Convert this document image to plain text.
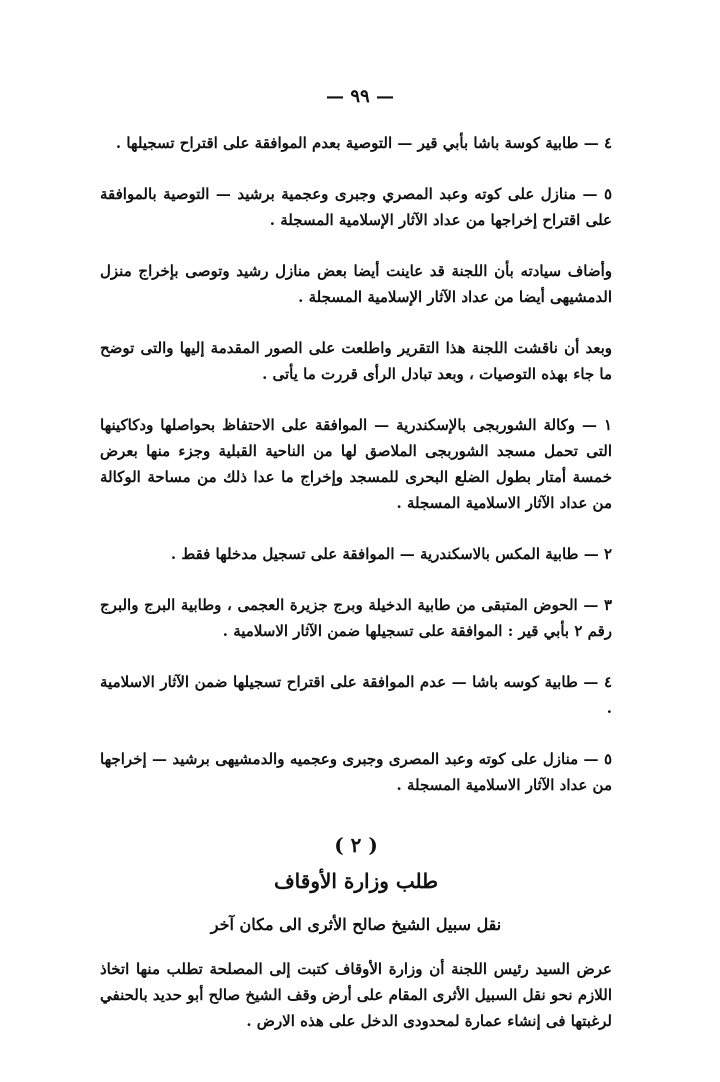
— ٩٩ —

٤ — طابية كوسة باشا بأبي قير — التوصية بعدم الموافقة على اقتراح تسجيلها .

٥ — منازل على كوته وعبد المصري وجبرى وعجمية برشيد — التوصية بالموافقة على اقتراح إخراجها من عداد الآثار الإسلامية المسجلة .

وأضاف سيادته بأن اللجنة قد عاينت أيضا بعض منازل رشيد وتوصى بإخراج منزل الدمشيهى أيضا من عداد الآثار الإسلامية المسجلة .

وبعد أن ناقشت اللجنة هذا التقرير واطلعت على الصور المقدمة إليها والتى توضح ما جاء بهذه التوصيات ، وبعد تبادل الرأى قررت ما يأتى .

١ — وكالة الشوربجى بالإسكندرية — الموافقة على الاحتفاظ بحواصلها ودكاكينها التى تحمل مسجد الشوربجى الملاصق لها من الناحية القبلية وجزء منها بعرض خمسة أمتار بطول الضلع البحرى للمسجد وإخراج ما عدا ذلك من مساحة الوكالة من عداد الآثار الاسلامية المسجلة .

٢ — طابية المكس بالاسكندرية — الموافقة على تسجيل مدخلها فقط .

٣ — الحوض المتبقى من طابية الدخيلة وبرج جزيرة العجمى ، وطابية البرج والبرج رقم ٢ بأبي قير : الموافقة على تسجيلها ضمن الآثار الاسلامية .

٤ — طابية كوسه باشا — عدم الموافقة على اقتراح تسجيلها ضمن الآثار الاسلامية .

٥ — منازل على كوته وعبد المصرى وجبرى وعجميه والدمشيهى برشيد — إخراجها من عداد الآثار الاسلامية المسجلة .

( ٢ )
طلب وزارة الأوقاف
نقل سبيل الشيخ صالح الأثرى الى مكان آخر

عرض السيد رئيس اللجنة أن وزارة الأوقاف كتبت إلى المصلحة تطلب منها اتخاذ اللازم نحو نقل السبيل الأثرى المقام على أرض وقف الشيخ صالح أبو حديد بالحنفي لرغبتها فى إنشاء عمارة لمحدودى الدخل على هذه الارض .
